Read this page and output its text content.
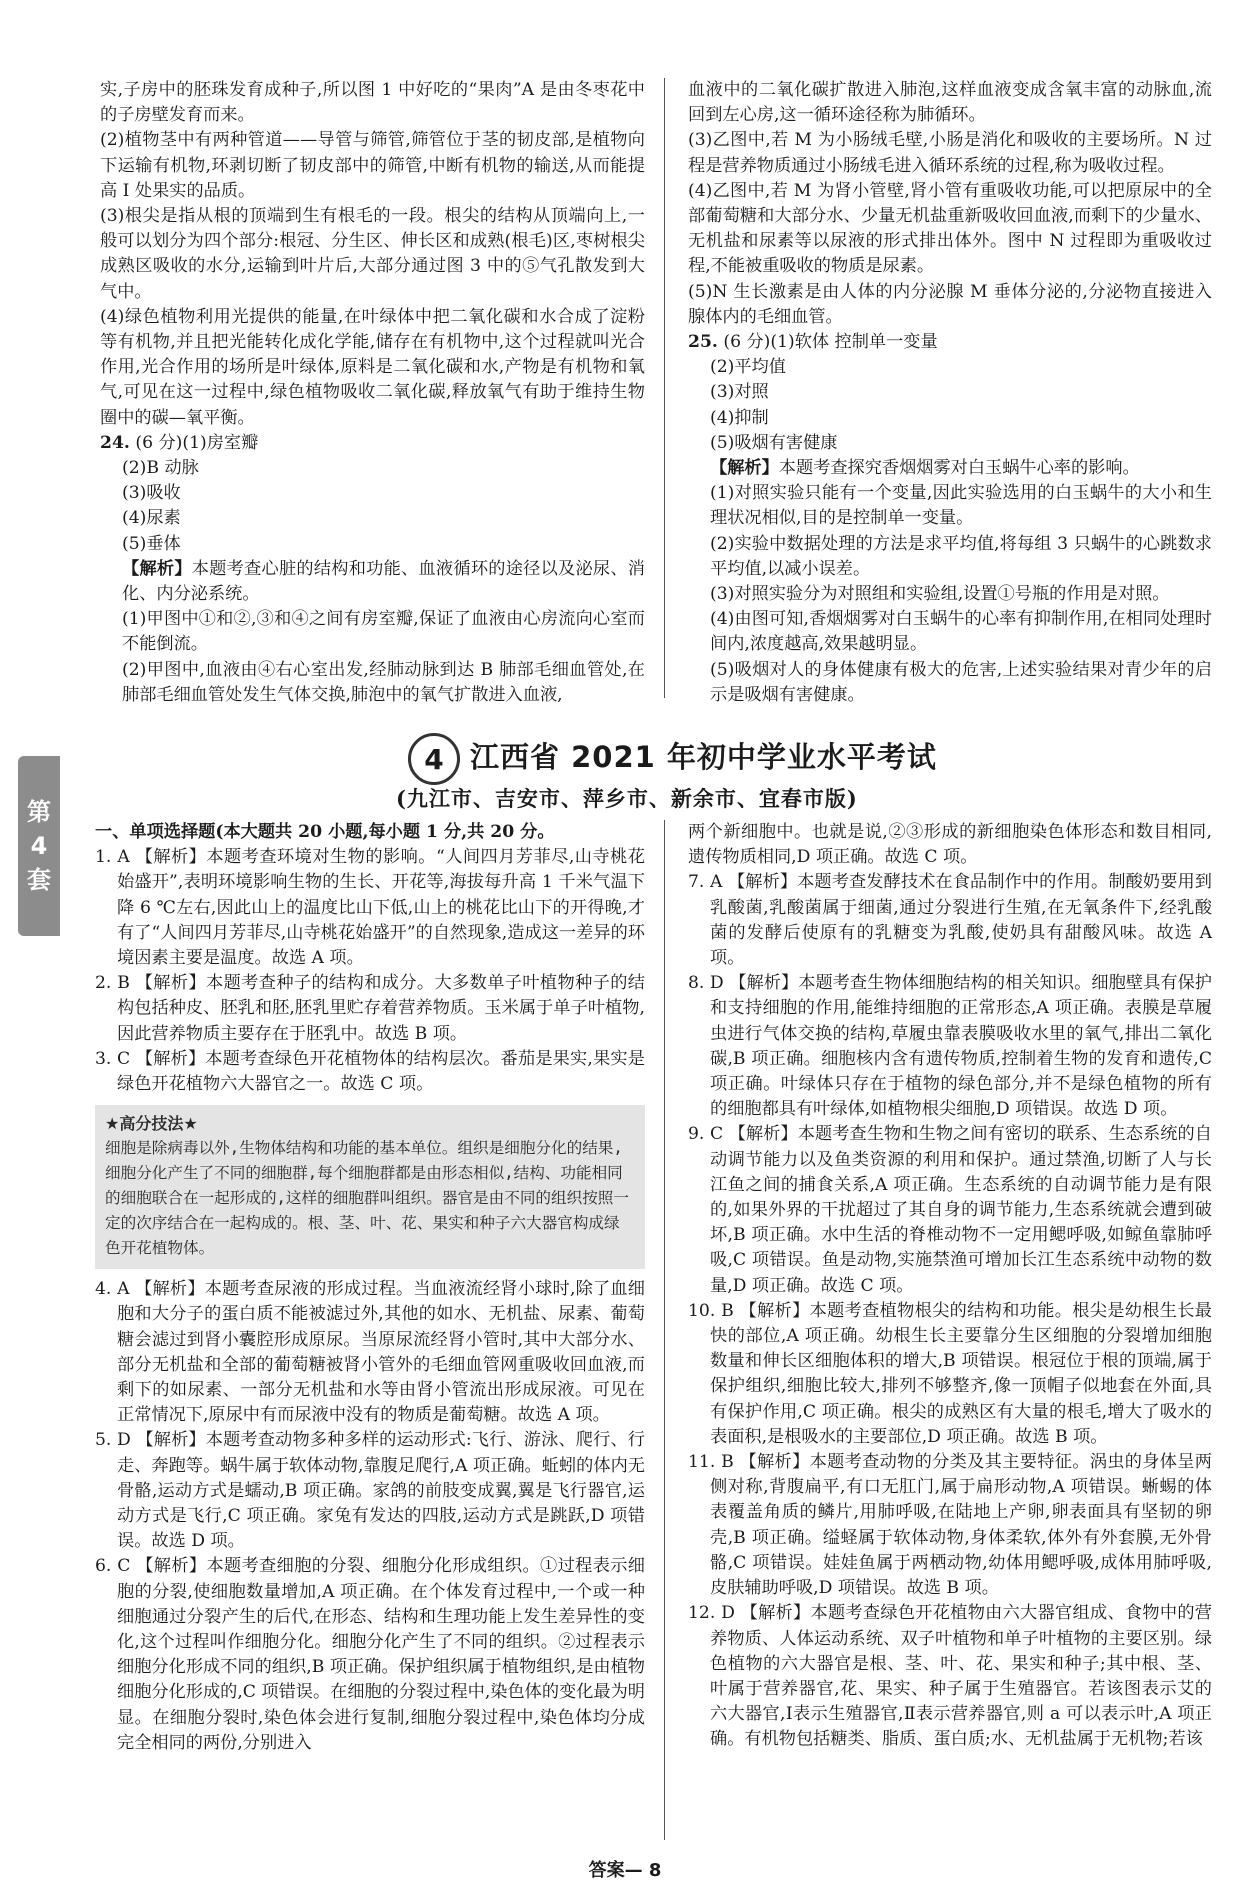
实,子房中的胚珠发育成种子,所以图 1 中好吃的“果肉”A 是由冬枣花中的子房壁发育而来。

(2)植物茎中有两种管道——导管与筛管,筛管位于茎的韧皮部,是植物向下运输有机物,环剥切断了韧皮部中的筛管,中断有机物的输送,从而能提高 Ⅰ 处果实的品质。

(3)根尖是指从根的顶端到生有根毛的一段。根尖的结构从顶端向上,一般可以划分为四个部分:根冠、分生区、伸长区和成熟(根毛)区,枣树根尖成熟区吸收的水分,运输到叶片后,大部分通过图 3 中的⑤气孔散发到大气中。

(4)绿色植物利用光提供的能量,在叶绿体中把二氧化碳和水合成了淀粉等有机物,并且把光能转化成化学能,储存在有机物中,这个过程就叫光合作用,光合作用的场所是叶绿体,原料是二氧化碳和水,产物是有机物和氧气,可见在这一过程中,绿色植物吸收二氧化碳,释放氧气有助于维持生物圈中的碳—氧平衡。

24. (6 分)(1)房室瓣

(2)B 动脉

(3)吸收

(4)尿素

(5)垂体

【解析】本题考查心脏的结构和功能、血液循环的途径以及泌尿、消化、内分泌系统。

(1)甲图中①和②,③和④之间有房室瓣,保证了血液由心房流向心室而不能倒流。

(2)甲图中,血液由④右心室出发,经肺动脉到达 B 肺部毛细血管处,在肺部毛细血管处发生气体交换,肺泡中的氧气扩散进入血液,

血液中的二氧化碳扩散进入肺泡,这样血液变成含氧丰富的动脉血,流回到左心房,这一循环途径称为肺循环。

(3)乙图中,若 M 为小肠绒毛壁,小肠是消化和吸收的主要场所。N 过程是营养物质通过小肠绒毛进入循环系统的过程,称为吸收过程。

(4)乙图中,若 M 为肾小管壁,肾小管有重吸收功能,可以把原尿中的全部葡萄糖和大部分水、少量无机盐重新吸收回血液,而剩下的少量水、无机盐和尿素等以尿液的形式排出体外。图中 N 过程即为重吸收过程,不能被重吸收的物质是尿素。

(5)N 生长激素是由人体的内分泌腺 M 垂体分泌的,分泌物直接进入腺体内的毛细血管。

25. (6 分)(1)软体 控制单一变量

(2)平均值

(3)对照

(4)抑制

(5)吸烟有害健康

【解析】本题考查探究香烟烟雾对白玉蜗牛心率的影响。

(1)对照实验只能有一个变量,因此实验选用的白玉蜗牛的大小和生理状况相似,目的是控制单一变量。

(2)实验中数据处理的方法是求平均值,将每组 3 只蜗牛的心跳数求平均值,以减小误差。

(3)对照实验分为对照组和实验组,设置①号瓶的作用是对照。

(4)由图可知,香烟烟雾对白玉蜗牛的心率有抑制作用,在相同处理时间内,浓度越高,效果越明显。

(5)吸烟对人的身体健康有极大的危害,上述实验结果对青少年的启示是吸烟有害健康。

4 江西省 2021 年初中学业水平考试
(九江市、吉安市、萍乡市、新余市、宜春市版)
第
4
套

一、单项选择题(本大题共 20 小题,每小题 1 分,共 20 分。

1. A 【解析】本题考查环境对生物的影响。“人间四月芳菲尽,山寺桃花始盛开”,表明环境影响生物的生长、开花等,海拔每升高 1 千米气温下降 6 ℃左右,因此山上的温度比山下低,山上的桃花比山下的开得晚,才有了“人间四月芳菲尽,山寺桃花始盛开”的自然现象,造成这一差异的环境因素主要是温度。故选 A 项。

2. B 【解析】本题考查种子的结构和成分。大多数单子叶植物种子的结构包括种皮、胚乳和胚,胚乳里贮存着营养物质。玉米属于单子叶植物,因此营养物质主要存在于胚乳中。故选 B 项。

3. C 【解析】本题考查绿色开花植物体的结构层次。番茄是果实,果实是绿色开花植物六大器官之一。故选 C 项。

★高分技法★
细胞是除病毒以外,生物体结构和功能的基本单位。组织是细胞分化的结果,细胞分化产生了不同的细胞群,每个细胞群都是由形态相似,结构、功能相同的细胞联合在一起形成的,这样的细胞群叫组织。器官是由不同的组织按照一定的次序结合在一起构成的。根、茎、叶、花、果实和种子六大器官构成绿色开花植物体。

4. A 【解析】本题考查尿液的形成过程。当血液流经肾小球时,除了血细胞和大分子的蛋白质不能被滤过外,其他的如水、无机盐、尿素、葡萄糖会滤过到肾小囊腔形成原尿。当原尿流经肾小管时,其中大部分水、部分无机盐和全部的葡萄糖被肾小管外的毛细血管网重吸收回血液,而剩下的如尿素、一部分无机盐和水等由肾小管流出形成尿液。可见在正常情况下,原尿中有而尿液中没有的物质是葡萄糖。故选 A 项。

5. D 【解析】本题考查动物多种多样的运动形式:飞行、游泳、爬行、行走、奔跑等。蜗牛属于软体动物,靠腹足爬行,A 项正确。蚯蚓的体内无骨骼,运动方式是蠕动,B 项正确。家鸽的前肢变成翼,翼是飞行器官,运动方式是飞行,C 项正确。家兔有发达的四肢,运动方式是跳跃,D 项错误。故选 D 项。

6. C 【解析】本题考查细胞的分裂、细胞分化形成组织。①过程表示细胞的分裂,使细胞数量增加,A 项正确。在个体发育过程中,一个或一种细胞通过分裂产生的后代,在形态、结构和生理功能上发生差异性的变化,这个过程叫作细胞分化。细胞分化产生了不同的组织。②过程表示细胞分化形成不同的组织,B 项正确。保护组织属于植物组织,是由植物细胞分化形成的,C 项错误。在细胞的分裂过程中,染色体的变化最为明显。在细胞分裂时,染色体会进行复制,细胞分裂过程中,染色体均分成完全相同的两份,分别进入

两个新细胞中。也就是说,②③形成的新细胞染色体形态和数目相同,遗传物质相同,D 项正确。故选 C 项。

7. A 【解析】本题考查发酵技术在食品制作中的作用。制酸奶要用到乳酸菌,乳酸菌属于细菌,通过分裂进行生殖,在无氧条件下,经乳酸菌的发酵后使原有的乳糖变为乳酸,使奶具有甜酸风味。故选 A 项。

8. D 【解析】本题考查生物体细胞结构的相关知识。细胞壁具有保护和支持细胞的作用,能维持细胞的正常形态,A 项正确。表膜是草履虫进行气体交换的结构,草履虫靠表膜吸收水里的氧气,排出二氧化碳,B 项正确。细胞核内含有遗传物质,控制着生物的发育和遗传,C 项正确。叶绿体只存在于植物的绿色部分,并不是绿色植物的所有的细胞都具有叶绿体,如植物根尖细胞,D 项错误。故选 D 项。

9. C 【解析】本题考查生物和生物之间有密切的联系、生态系统的自动调节能力以及鱼类资源的利用和保护。通过禁渔,切断了人与长江鱼之间的捕食关系,A 项正确。生态系统的自动调节能力是有限的,如果外界的干扰超过了其自身的调节能力,生态系统就会遭到破坏,B 项正确。水中生活的脊椎动物不一定用鳃呼吸,如鲸鱼靠肺呼吸,C 项错误。鱼是动物,实施禁渔可增加长江生态系统中动物的数量,D 项正确。故选 C 项。

10. B 【解析】本题考查植物根尖的结构和功能。根尖是幼根生长最快的部位,A 项正确。幼根生长主要靠分生区细胞的分裂增加细胞数量和伸长区细胞体积的增大,B 项错误。根冠位于根的顶端,属于保护组织,细胞比较大,排列不够整齐,像一顶帽子似地套在外面,具有保护作用,C 项正确。根尖的成熟区有大量的根毛,增大了吸水的表面积,是根吸水的主要部位,D 项正确。故选 B 项。

11. B 【解析】本题考查动物的分类及其主要特征。涡虫的身体呈两侧对称,背腹扁平,有口无肛门,属于扁形动物,A 项错误。蜥蜴的体表覆盖角质的鳞片,用肺呼吸,在陆地上产卵,卵表面具有坚韧的卵壳,B 项正确。缢蛏属于软体动物,身体柔软,体外有外套膜,无外骨骼,C 项错误。娃娃鱼属于两栖动物,幼体用鳃呼吸,成体用肺呼吸,皮肤辅助呼吸,D 项错误。故选 B 项。

12. D 【解析】本题考查绿色开花植物由六大器官组成、食物中的营养物质、人体运动系统、双子叶植物和单子叶植物的主要区别。绿色植物的六大器官是根、茎、叶、花、果实和种子;其中根、茎、叶属于营养器官,花、果实、种子属于生殖器官。若该图表示艾的六大器官,Ⅰ表示生殖器官,Ⅱ表示营养器官,则 a 可以表示叶,A 项正确。有机物包括糖类、脂质、蛋白质;水、无机盐属于无机物;若该

答案— 8
